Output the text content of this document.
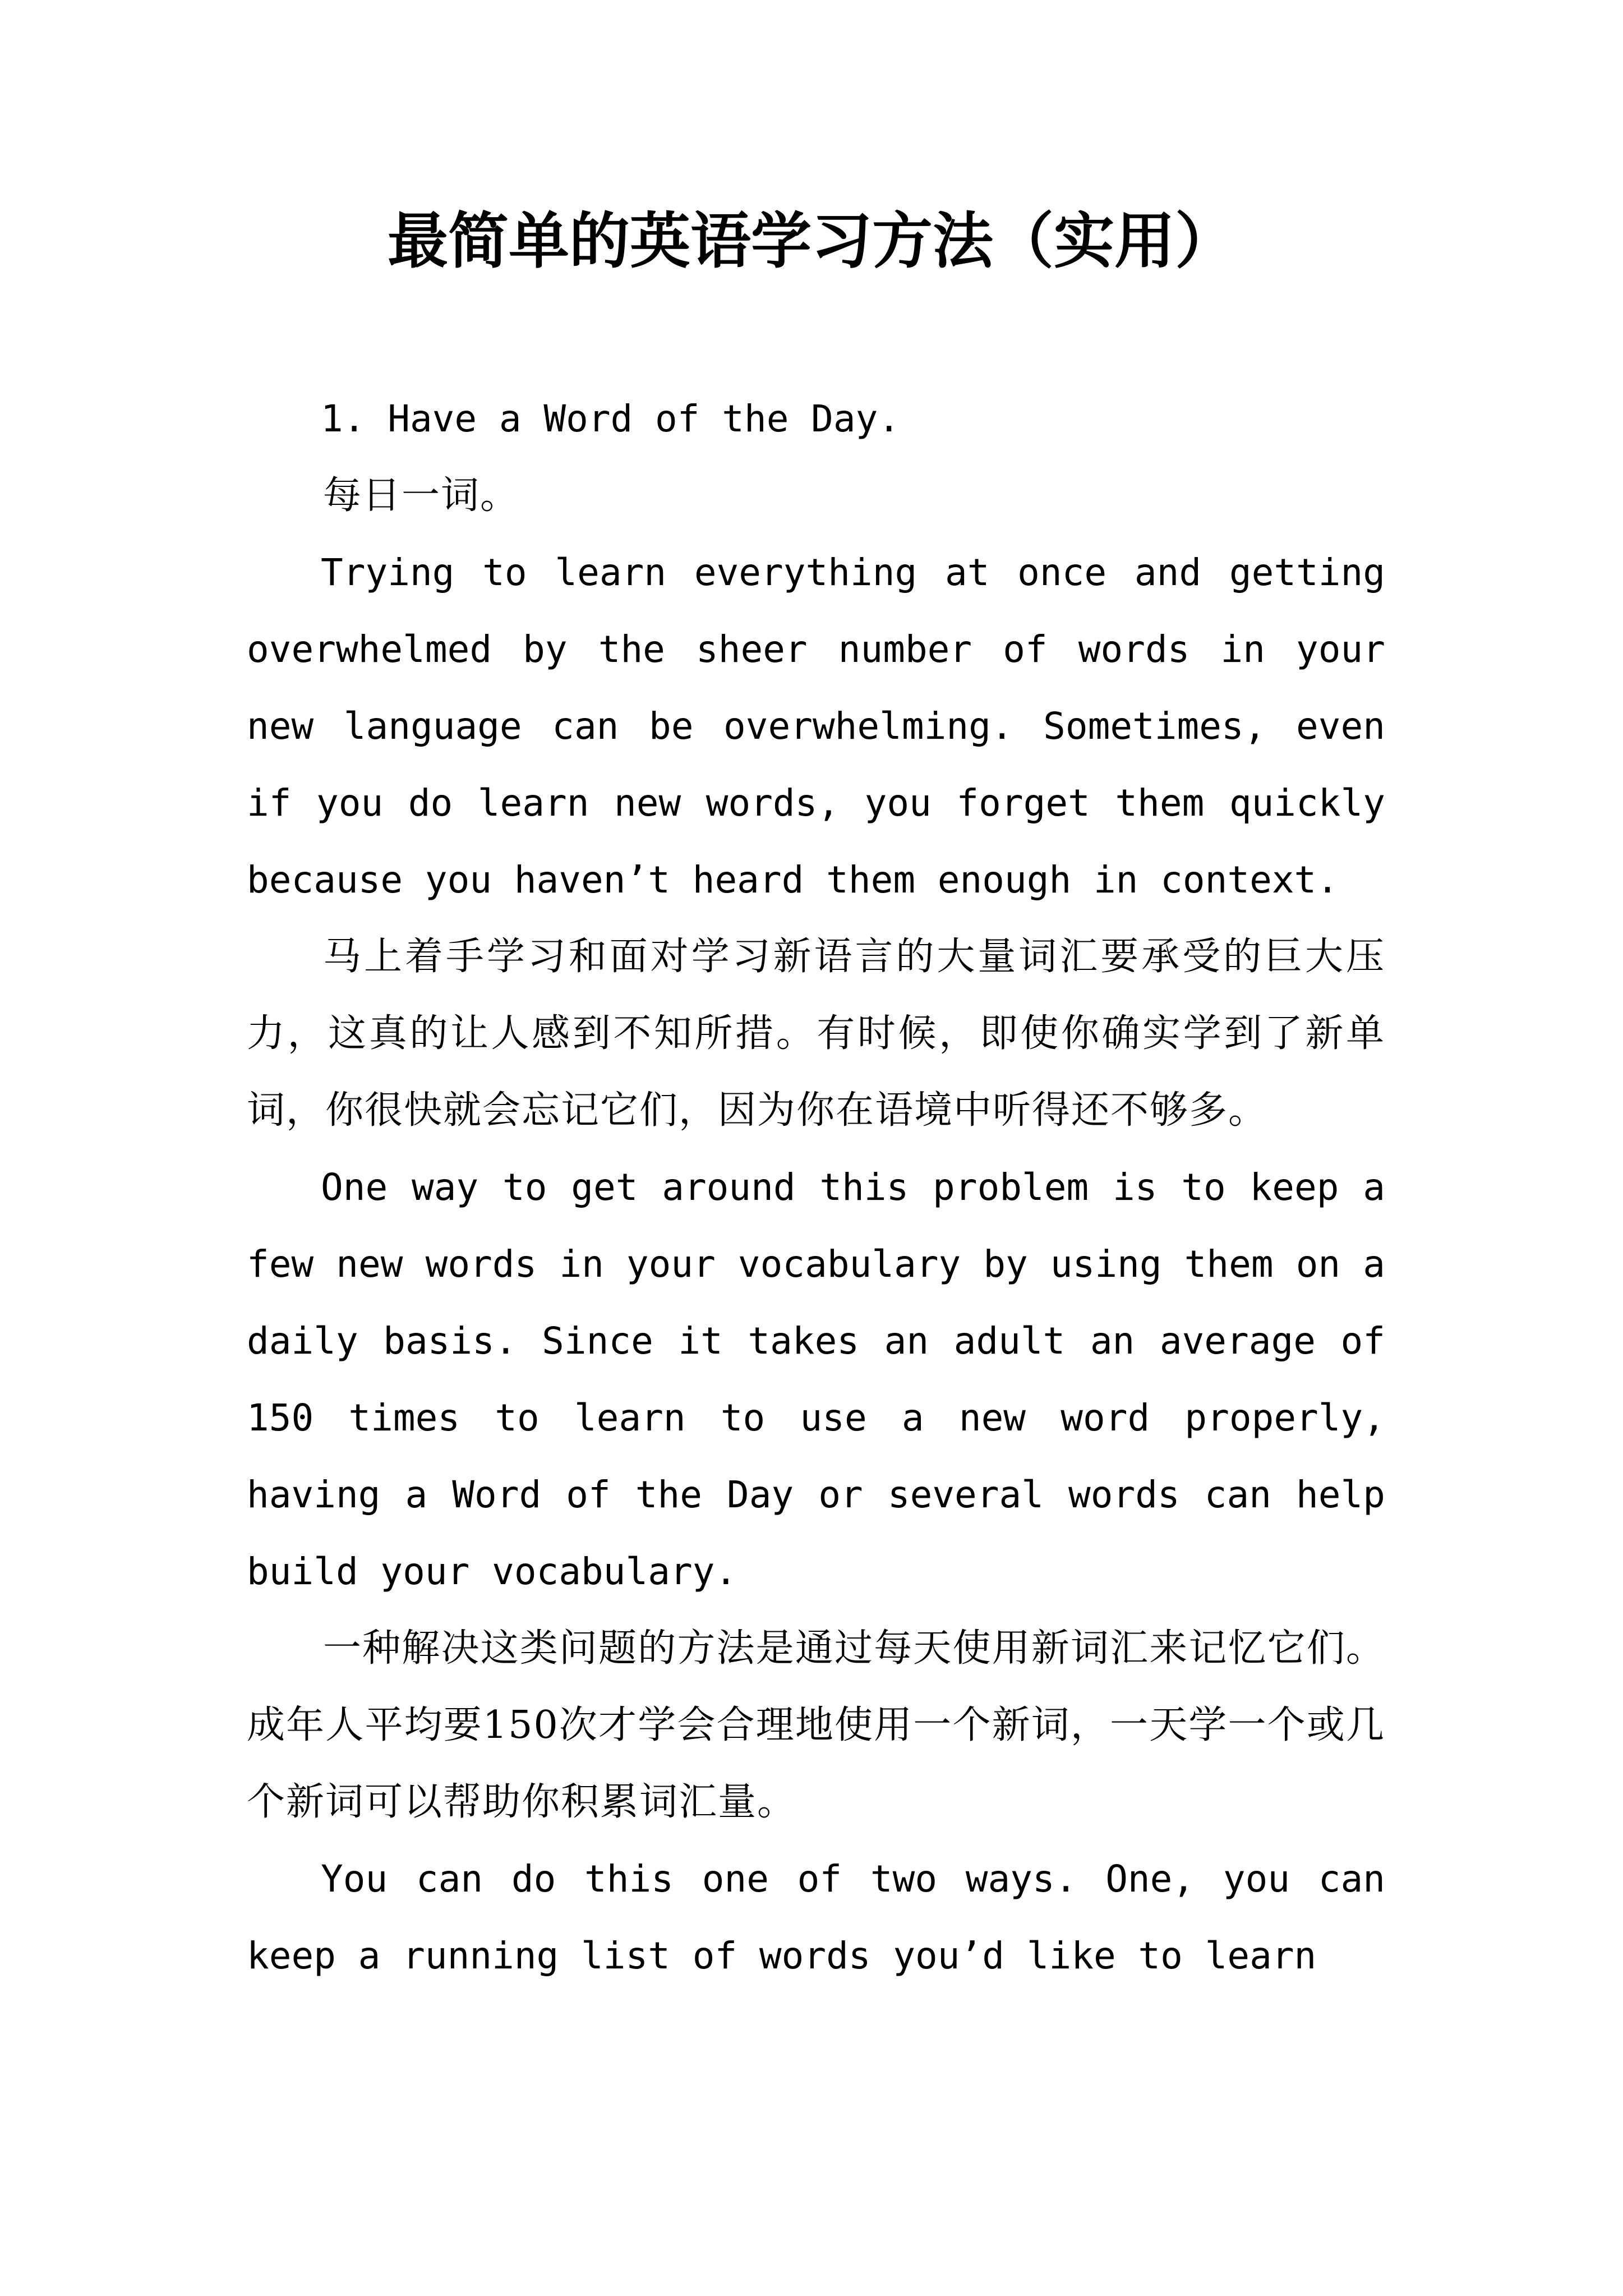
最简单的英语学习方法（实用）

1. Have a Word of the Day.

每日一词。

Trying to learn everything at once and getting overwhelmed by the sheer number of words in your new language can be overwhelming. Sometimes, even if you do learn new words, you forget them quickly because you haven’t heard them enough in context.

马上着手学习和面对学习新语言的大量词汇要承受的巨大压力，这真的让人感到不知所措。有时候，即使你确实学到了新单词，你很快就会忘记它们，因为你在语境中听得还不够多。

One way to get around this problem is to keep a few new words in your vocabulary by using them on a daily basis. Since it takes an adult an average of 150 times to learn to use a new word properly, having a Word of the Day or several words can help build your vocabulary.

一种解决这类问题的方法是通过每天使用新词汇来记忆它们。成年人平均要150次才学会合理地使用一个新词，一天学一个或几个新词可以帮助你积累词汇量。

You can do this one of two ways. One, you can keep a running list of words you’d like to learn
